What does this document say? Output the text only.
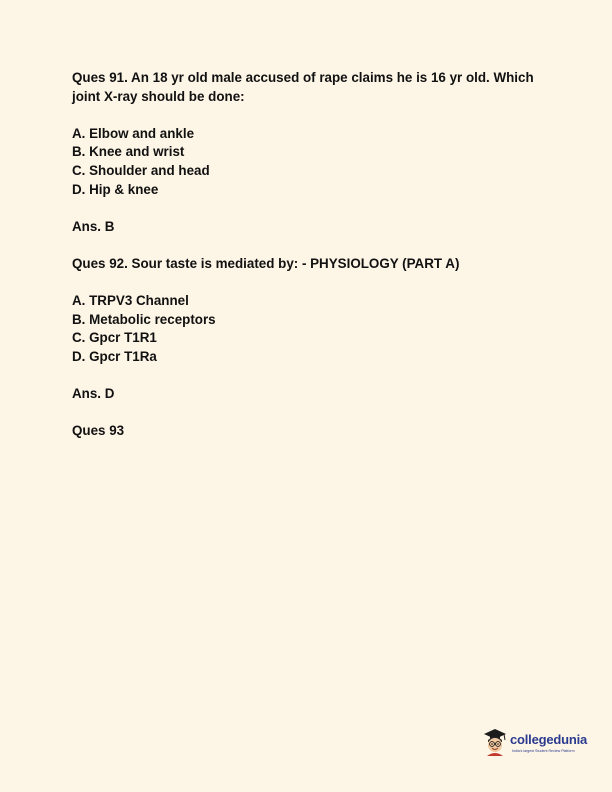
Ques 91. An 18 yr old male accused of rape claims he is 16 yr old. Which joint X-ray should be done:
A. Elbow and ankle
B. Knee and wrist
C. Shoulder and head
D. Hip & knee
Ans. B
Ques 92. Sour taste is mediated by: - PHYSIOLOGY (PART A)
A. TRPV3 Channel
B. Metabolic receptors
C. Gpcr T1R1
D. Gpcr T1Ra
Ans. D
Ques 93
collegedunia
India's largest Student Review Platform
